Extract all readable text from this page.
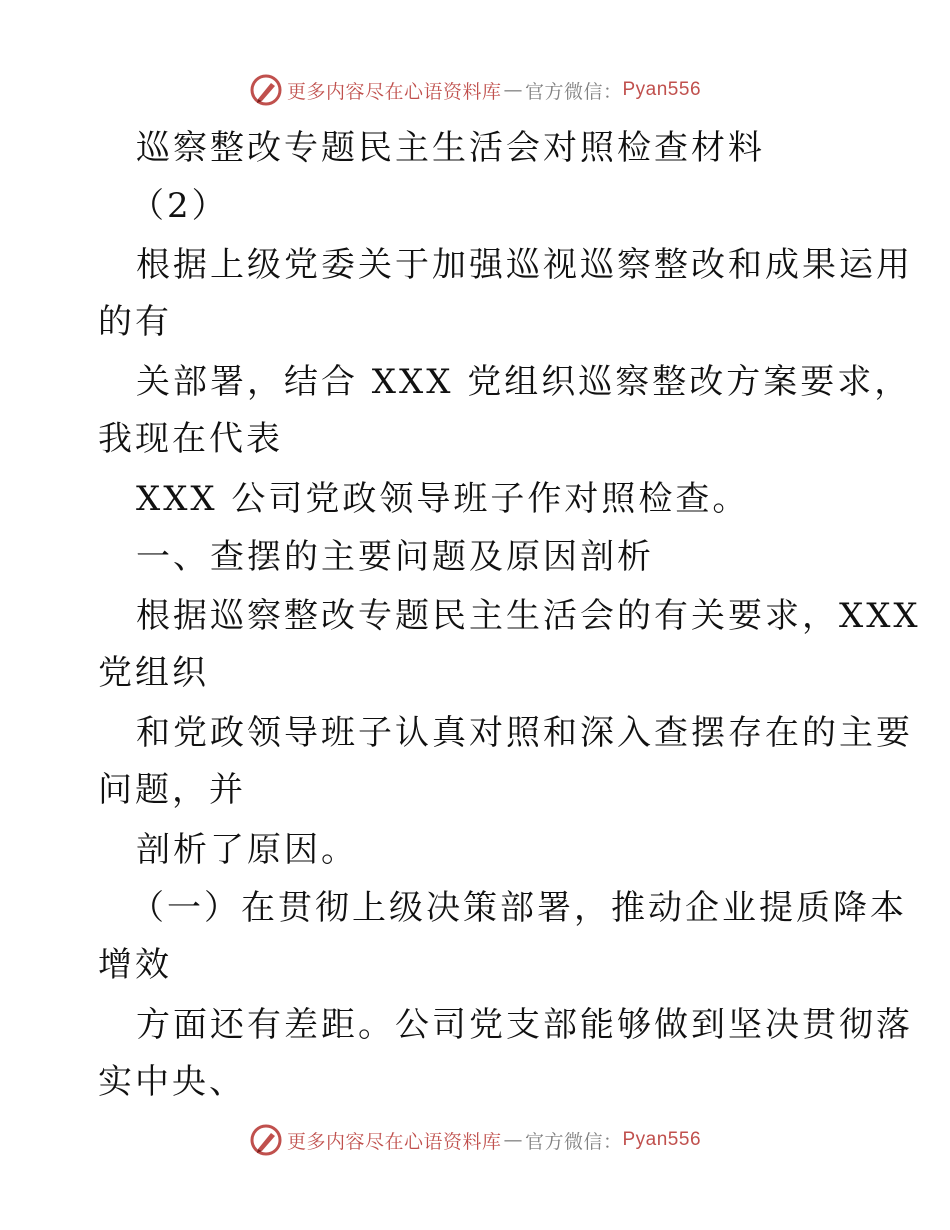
更多内容尽在心语资料库 — 官方微信： Pyan556
巡察整改专题民主生活会对照检查材料
（2）
根据上级党委关于加强巡视巡察整改和成果运用
的有
关部署，结合 XXX 党组织巡察整改方案要求，
我现在代表
XXX 公司党政领导班子作对照检查。
一、查摆的主要问题及原因剖析
根据巡察整改专题民主生活会的有关要求，XXX
党组织
和党政领导班子认真对照和深入查摆存在的主要
问题，并
剖析了原因。
（一）在贯彻上级决策部署，推动企业提质降本
增效
方面还有差距。公司党支部能够做到坚决贯彻落
实中央、
更多内容尽在心语资料库 — 官方微信： Pyan556
